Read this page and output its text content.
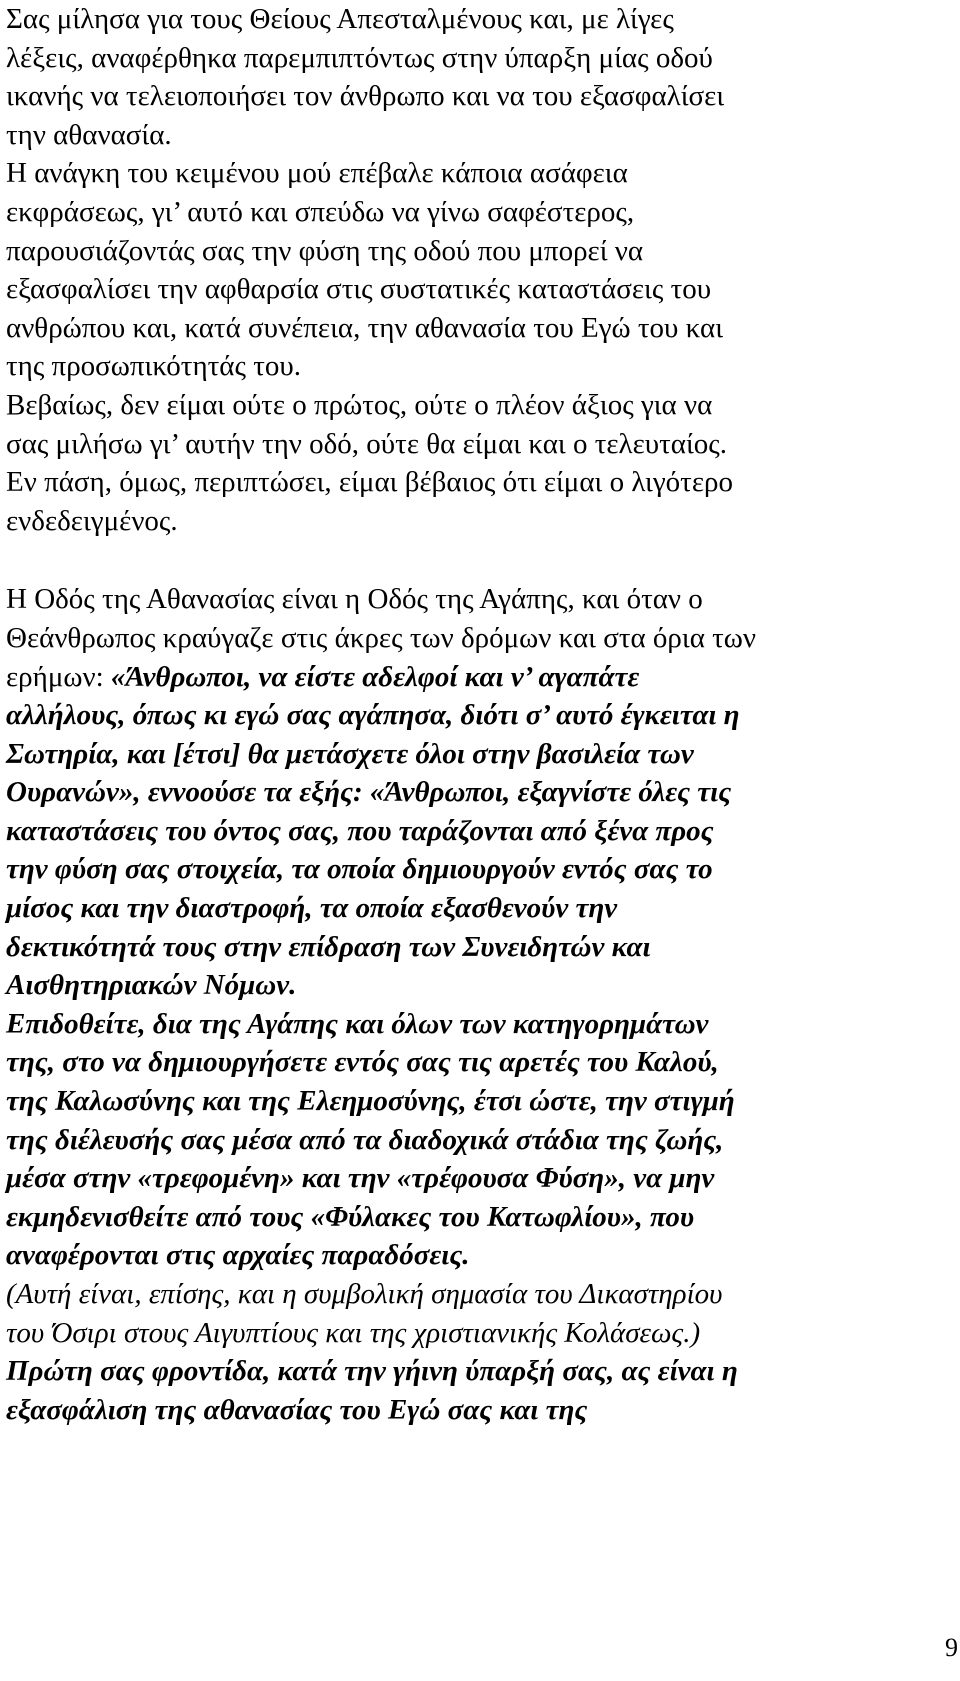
Σας μίλησα για τους Θείους Απεσταλμένους και, με λίγες
λέξεις, αναφέρθηκα παρεμπιπτόντως στην ύπαρξη μίας οδού
ικανής να τελειοποιήσει τον άνθρωπο και να του εξασφαλίσει
την αθανασία.
Η ανάγκη του κειμένου μού επέβαλε κάποια ασάφεια
εκφράσεως, γι’ αυτό και σπεύδω να γίνω σαφέστερος,
παρουσιάζοντάς σας την φύση της οδού που μπορεί να
εξασφαλίσει την αφθαρσία στις συστατικές καταστάσεις του
ανθρώπου και, κατά συνέπεια, την αθανασία του Εγώ του και
της προσωπικότητάς του.
Βεβαίως, δεν είμαι ούτε ο πρώτος, ούτε ο πλέον άξιος για να
σας μιλήσω γι’ αυτήν την οδό, ούτε θα είμαι και ο τελευταίος.
Εν πάση, όμως, περιπτώσει, είμαι βέβαιος ότι είμαι ο λιγότερο
ενδεδειγμένος.

Η Οδός της Αθανασίας είναι η Οδός της Αγάπης, και όταν ο
Θεάνθρωπος κραύγαζε στις άκρες των δρόμων και στα όρια των
ερήμων: «Άνθρωποι, να είστε αδελφοί και ν’ αγαπάτε
αλλήλους, όπως κι εγώ σας αγάπησα, διότι σ’ αυτό έγκειται η
Σωτηρία, και [έτσι] θα μετάσχετε όλοι στην βασιλεία των
Ουρανών», εννοούσε τα εξής: «Άνθρωποι, εξαγνίστε όλες τις
καταστάσεις του όντος σας, που ταράζονται από ξένα προς
την φύση σας στοιχεία, τα οποία δημιουργούν εντός σας το
μίσος και την διαστροφή, τα οποία εξασθενούν την
δεκτικότητά τους στην επίδραση των Συνειδητών και
Αισθητηριακών Νόμων.
Επιδοθείτε, δια της Αγάπης και όλων των κατηγορημάτων
της, στο να δημιουργήσετε εντός σας τις αρετές του Καλού,
της Καλωσύνης και της Ελεημοσύνης, έτσι ώστε, την στιγμή
της διέλευσής σας μέσα από τα διαδοχικά στάδια της ζωής,
μέσα στην «τρεφομένη» και την «τρέφουσα Φύση», να μην
εκμηδενισθείτε από τους «Φύλακες του Κατωφλίου», που
αναφέρονται στις αρχαίες παραδόσεις.
(Αυτή είναι, επίσης, και η συμβολική σημασία του Δικαστηρίου
του Όσιρι στους Αιγυπτίους και της χριστιανικής Κολάσεως.)
Πρώτη σας φροντίδα, κατά την γήινη ύπαρξή σας, ας είναι η
εξασφάλιση της αθανασίας του Εγώ σας και της

9
